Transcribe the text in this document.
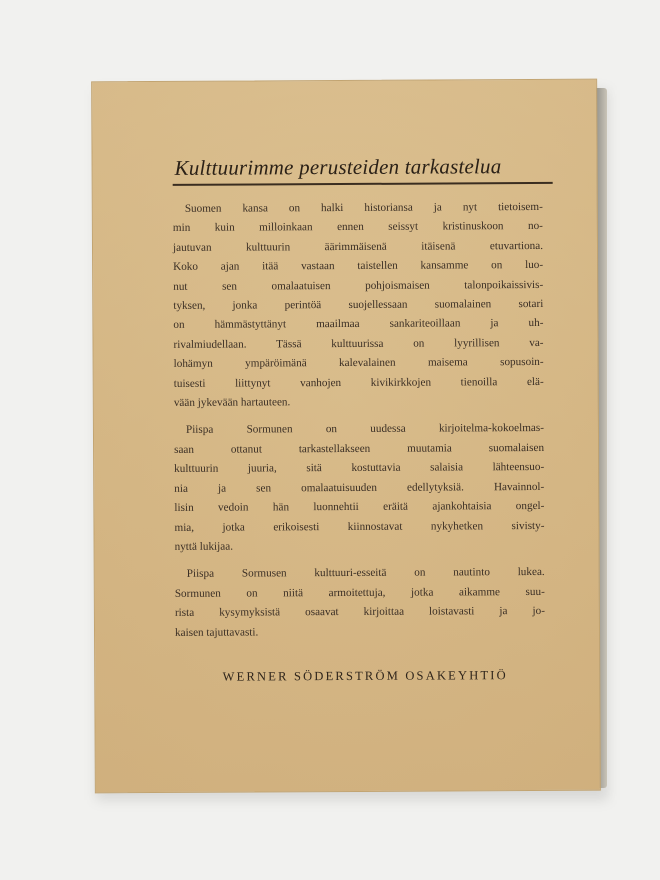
Kulttuurimme perusteiden tarkastelua
Suomen kansa on halki historiansa ja nyt tietoisem-
min kuin milloinkaan ennen seissyt kristinuskoon no-
jautuvan kulttuurin äärimmäisenä itäisenä etuvartiona.
Koko ajan itää vastaan taistellen kansamme on luo-
nut sen omalaatuisen pohjoismaisen talonpoikaissivis-
tyksen, jonka perintöä suojellessaan suomalainen sotari
on hämmästyttänyt maailmaa sankariteoillaan ja uh-
rivalmiudellaan. Tässä kulttuurissa on lyyrillisen va-
lohämyn ympäröimänä kalevalainen maisema sopusoin-
tuisesti liittynyt vanhojen kivikirkkojen tienoilla elä-
vään jykevään hartauteen.
Piispa Sormunen on uudessa kirjoitelma-kokoelmas-
saan ottanut tarkastellakseen muutamia suomalaisen
kulttuurin juuria, sitä kostuttavia salaisia lähteensuo-
nia ja sen omalaatuisuuden edellytyksiä. Havainnol-
lisin vedoin hän luonnehtii eräitä ajankohtaisia ongel-
mia, jotka erikoisesti kiinnostavat nykyhetken sivisty-
nyttä lukijaa.
Piispa Sormusen kulttuuri-esseitä on nautinto lukea.
Sormunen on niitä armoitettuja, jotka aikamme suu-
rista kysymyksistä osaavat kirjoittaa loistavasti ja jo-
kaisen tajuttavasti.
WERNER SÖDERSTRÖM OSAKEYHTIÖ
